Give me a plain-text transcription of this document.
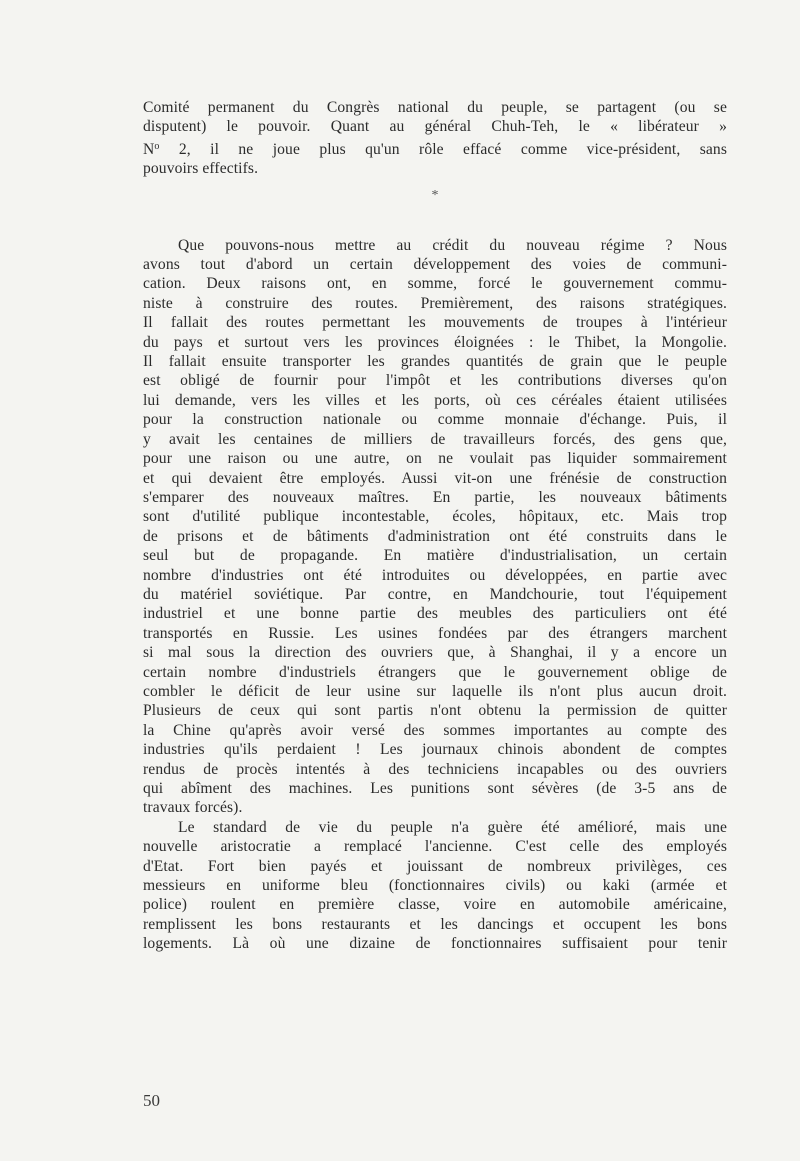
Comité permanent du Congrès national du peuple, se partagent (ou se
disputent) le pouvoir. Quant au général Chuh-Teh, le « libérateur »
$N^o$ 2, il ne joue plus qu'un rôle effacé comme vice-président, sans
pouvoirs effectifs.

*

Que pouvons-nous mettre au crédit du nouveau régime ? Nous
avons tout d'abord un certain développement des voies de communi-
cation. Deux raisons ont, en somme, forcé le gouvernement commu-
niste à construire des routes. Premièrement, des raisons stratégiques.
Il fallait des routes permettant les mouvements de troupes à l'intérieur
du pays et surtout vers les provinces éloignées : le Thibet, la Mongolie.
Il fallait ensuite transporter les grandes quantités de grain que le peuple
est obligé de fournir pour l'impôt et les contributions diverses qu'on
lui demande, vers les villes et les ports, où ces céréales étaient utilisées
pour la construction nationale ou comme monnaie d'échange. Puis, il
y avait les centaines de milliers de travailleurs forcés, des gens que,
pour une raison ou une autre, on ne voulait pas liquider sommairement
et qui devaient être employés. Aussi vit-on une frénésie de construction
s'emparer des nouveaux maîtres. En partie, les nouveaux bâtiments
sont d'utilité publique incontestable, écoles, hôpitaux, etc. Mais trop
de prisons et de bâtiments d'administration ont été construits dans le
seul but de propagande. En matière d'industrialisation, un certain
nombre d'industries ont été introduites ou développées, en partie avec
du matériel soviétique. Par contre, en Mandchourie, tout l'équipement
industriel et une bonne partie des meubles des particuliers ont été
transportés en Russie. Les usines fondées par des étrangers marchent
si mal sous la direction des ouvriers que, à Shanghai, il y a encore un
certain nombre d'industriels étrangers que le gouvernement oblige de
combler le déficit de leur usine sur laquelle ils n'ont plus aucun droit.
Plusieurs de ceux qui sont partis n'ont obtenu la permission de quitter
la Chine qu'après avoir versé des sommes importantes au compte des
industries qu'ils perdaient ! Les journaux chinois abondent de comptes
rendus de procès intentés à des techniciens incapables ou des ouvriers
qui abîment des machines. Les punitions sont sévères (de 3-5 ans de
travaux forcés).

Le standard de vie du peuple n'a guère été amélioré, mais une
nouvelle aristocratie a remplacé l'ancienne. C'est celle des employés
d'Etat. Fort bien payés et jouissant de nombreux privilèges, ces
messieurs en uniforme bleu (fonctionnaires civils) ou kaki (armée et
police) roulent en première classe, voire en automobile américaine,
remplissent les bons restaurants et les dancings et occupent les bons
logements. Là où une dizaine de fonctionnaires suffisaient pour tenir

50
